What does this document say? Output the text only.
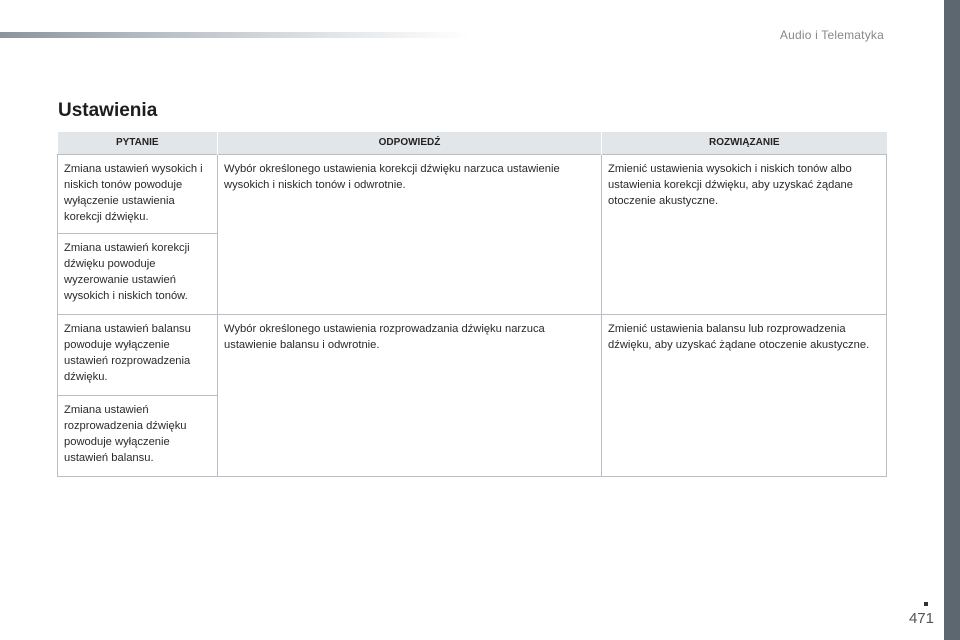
Audio i Telematyka
Ustawienia
PYTANIE	ODPOWIEDŹ	ROZWIĄZANIE
Zmiana ustawień wysokich i niskich tonów powoduje wyłączenie ustawienia korekcji dźwięku.	Wybór określonego ustawienia korekcji dźwięku narzuca ustawienie wysokich i niskich tonów i odwrotnie.	Zmienić ustawienia wysokich i niskich tonów albo ustawienia korekcji dźwięku, aby uzyskać żądane otoczenie akustyczne.
Zmiana ustawień korekcji dźwięku powoduje wyzerowanie ustawień wysokich i niskich tonów.		
Zmiana ustawień balansu powoduje wyłączenie ustawień rozprowadzenia dźwięku.	Wybór określonego ustawienia rozprowadzania dźwięku narzuca ustawienie balansu i odwrotnie.	Zmienić ustawienia balansu lub rozprowadzenia dźwięku, aby uzyskać żądane otoczenie akustyczne.
Zmiana ustawień rozprowadzenia dźwięku powoduje wyłączenie ustawień balansu.		
471
